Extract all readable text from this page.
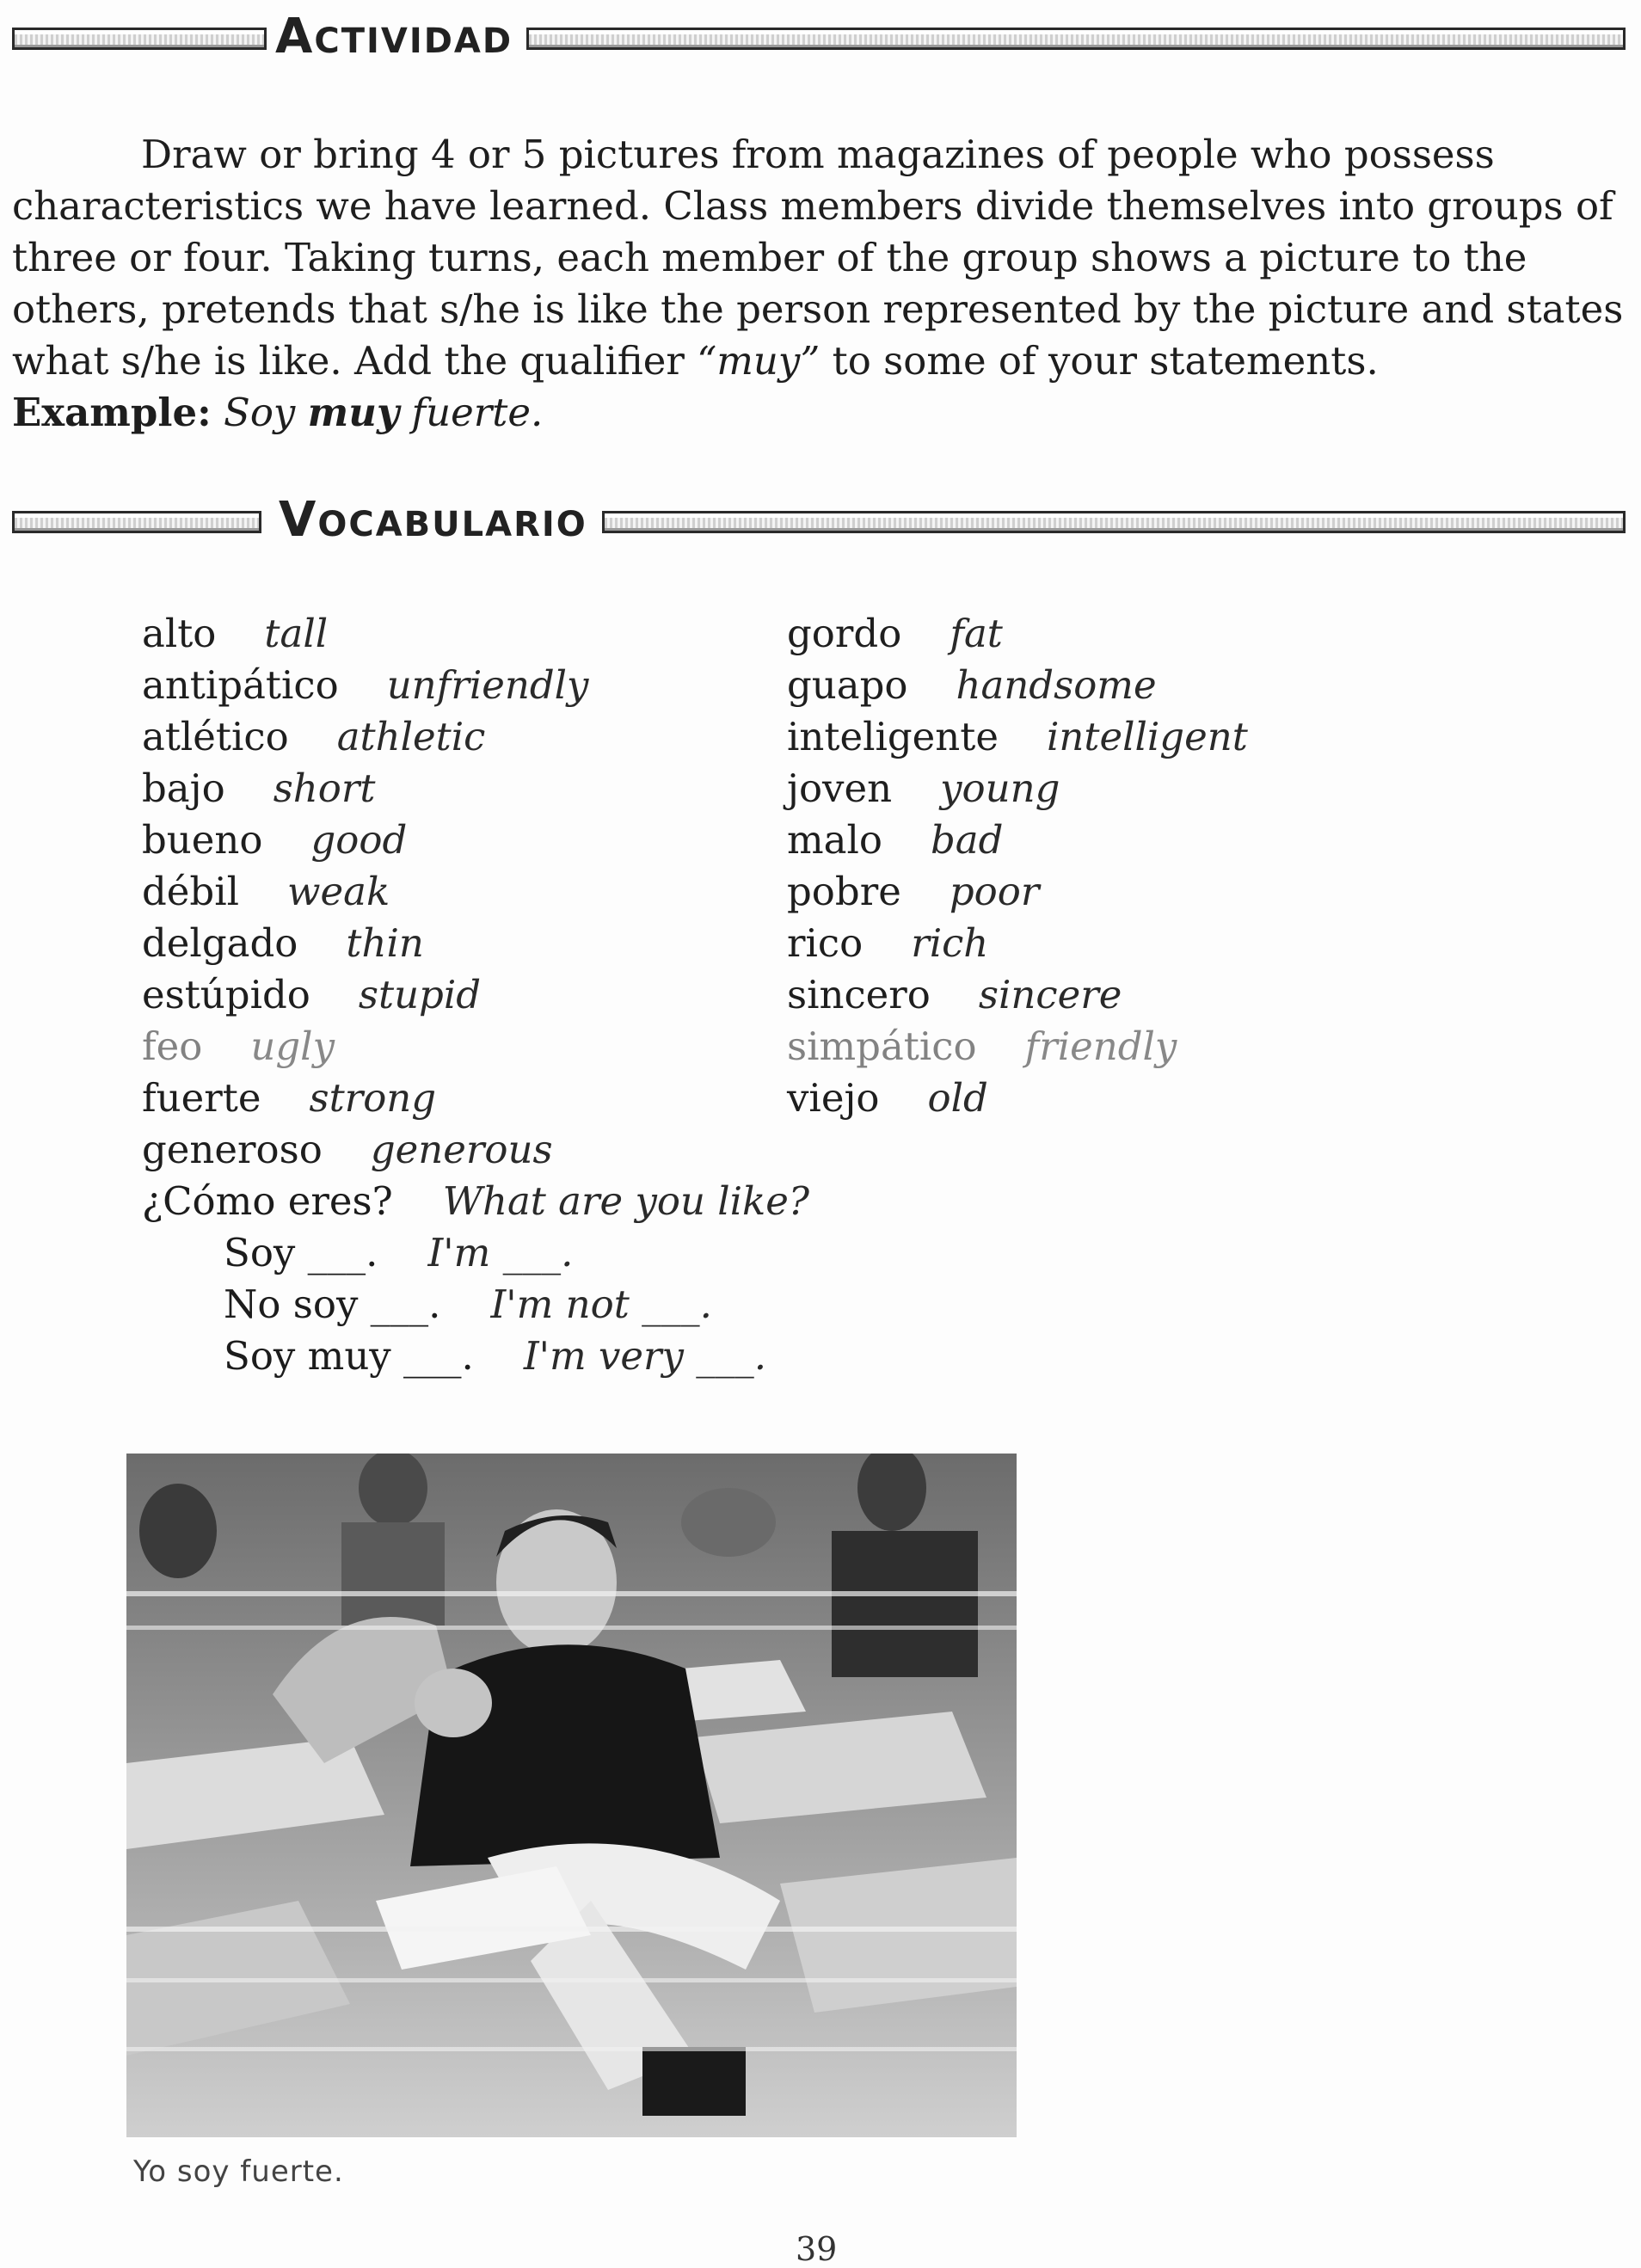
ACTIVIDAD

Draw or bring 4 or 5 pictures from magazines of people who possess characteristics we have learned. Class members divide themselves into groups of three or four. Taking turns, each member of the group shows a picture to the others, pretends that s/he is like the person represented by the picture and states what s/he is like. Add the qualifier “muy” to some of your statements.

Example: Soy muy fuerte.
VOCABULARIO
alto tall
antipático unfriendly
atlético athletic
bajo short
bueno good
débil weak
delgado thin
estúpido stupid
feo ugly
fuerte strong
generoso generous
gordo fat
guapo handsome
inteligente intelligent
joven young
malo bad
pobre poor
rico rich
sincero sincere
simpático friendly
viejo old
¿Cómo eres? What are you like?
Soy ___. I'm ___.
No soy ___. I'm not ___.
Soy muy ___. I'm very ___.
Yo soy fuerte.
39
